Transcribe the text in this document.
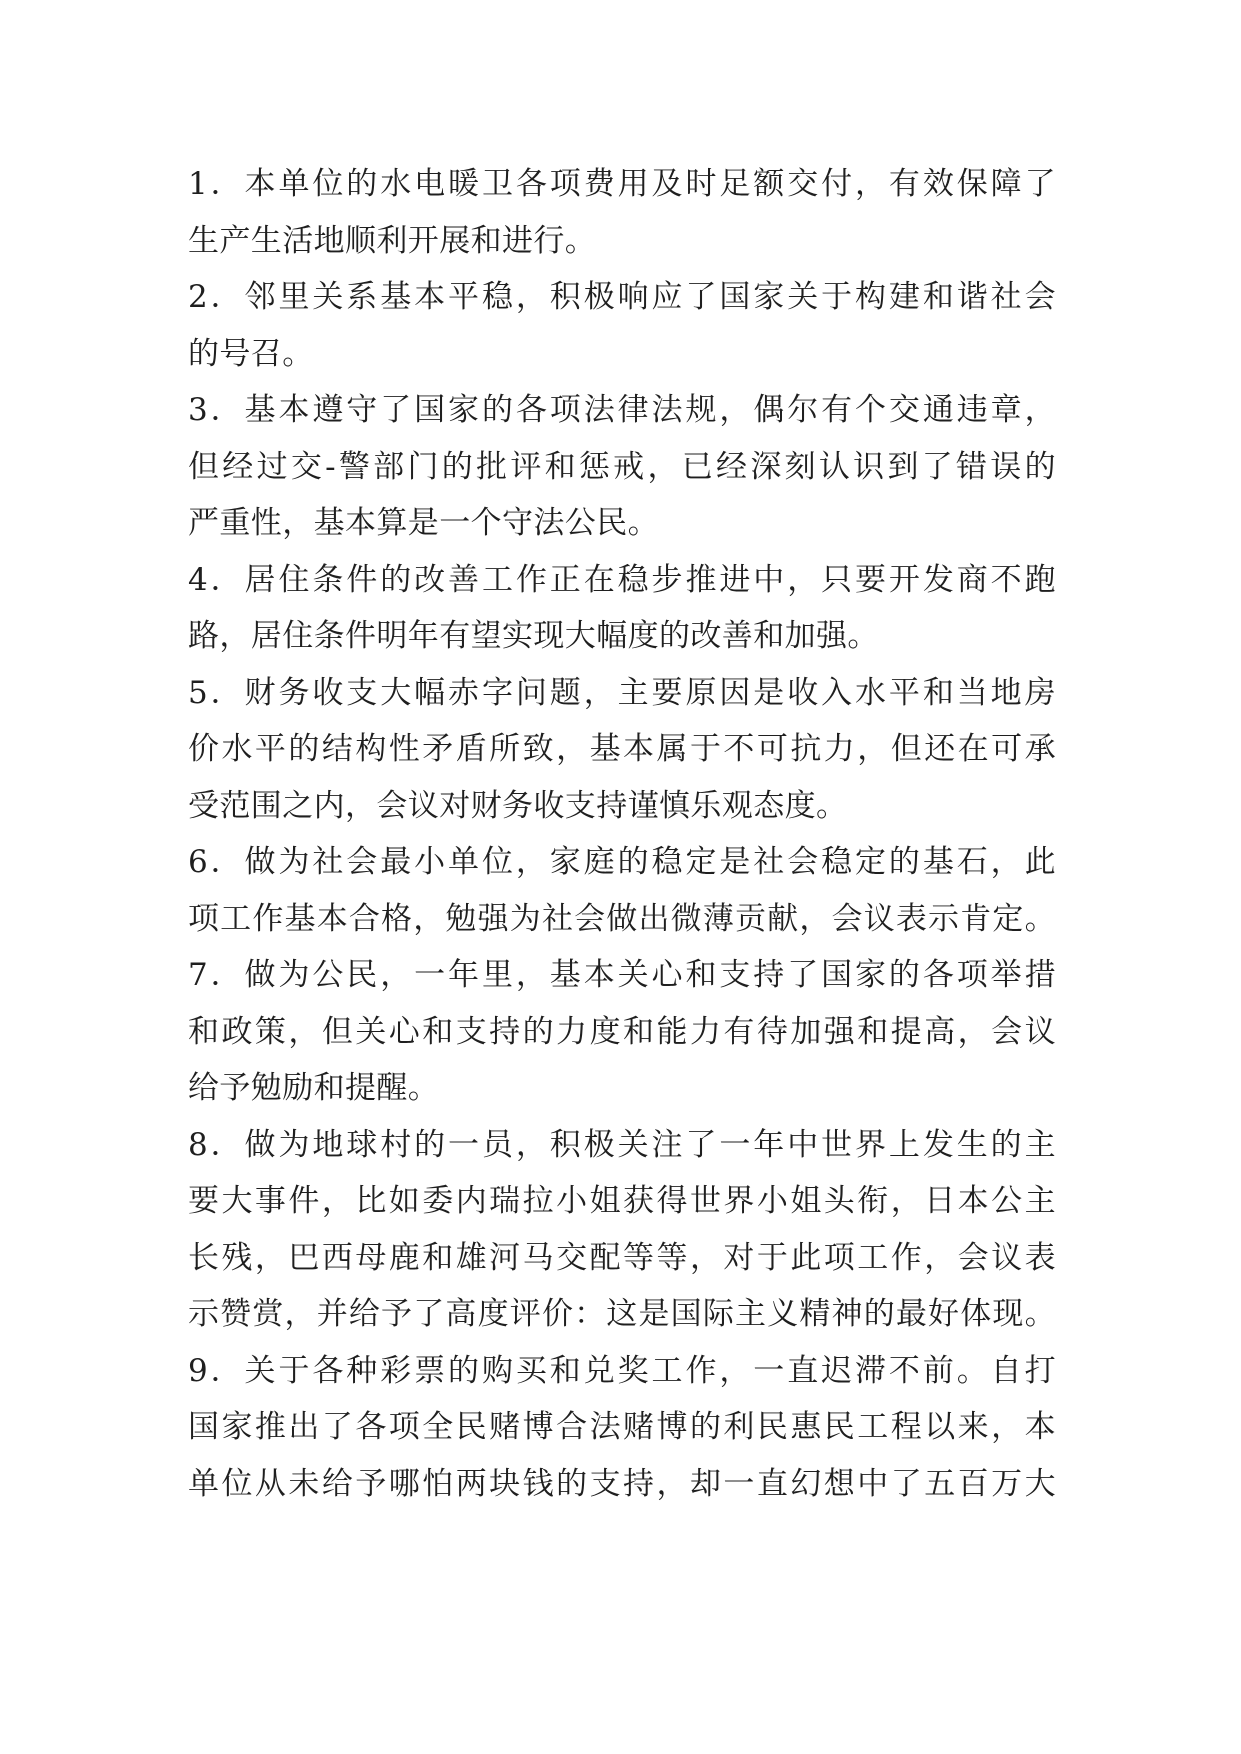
1．本单位的水电暖卫各项费用及时足额交付，有效保障了
生产生活地顺利开展和进行。
2．邻里关系基本平稳，积极响应了国家关于构建和谐社会
的号召。
3．基本遵守了国家的各项法律法规，偶尔有个交通违章，
但经过交-警部门的批评和惩戒，已经深刻认识到了错误的
严重性，基本算是一个守法公民。
4．居住条件的改善工作正在稳步推进中，只要开发商不跑
路，居住条件明年有望实现大幅度的改善和加强。
5．财务收支大幅赤字问题，主要原因是收入水平和当地房
价水平的结构性矛盾所致，基本属于不可抗力，但还在可承
受范围之内，会议对财务收支持谨慎乐观态度。
6．做为社会最小单位，家庭的稳定是社会稳定的基石，此
项工作基本合格，勉强为社会做出微薄贡献，会议表示肯定。
7．做为公民，一年里，基本关心和支持了国家的各项举措
和政策，但关心和支持的力度和能力有待加强和提高，会议
给予勉励和提醒。
8．做为地球村的一员，积极关注了一年中世界上发生的主
要大事件，比如委内瑞拉小姐获得世界小姐头衔，日本公主
长残，巴西母鹿和雄河马交配等等，对于此项工作，会议表
示赞赏，并给予了高度评价：这是国际主义精神的最好体现。
9．关于各种彩票的购买和兑奖工作，一直迟滞不前。自打
国家推出了各项全民赌博合法赌博的利民惠民工程以来，本
单位从未给予哪怕两块钱的支持，却一直幻想中了五百万大
